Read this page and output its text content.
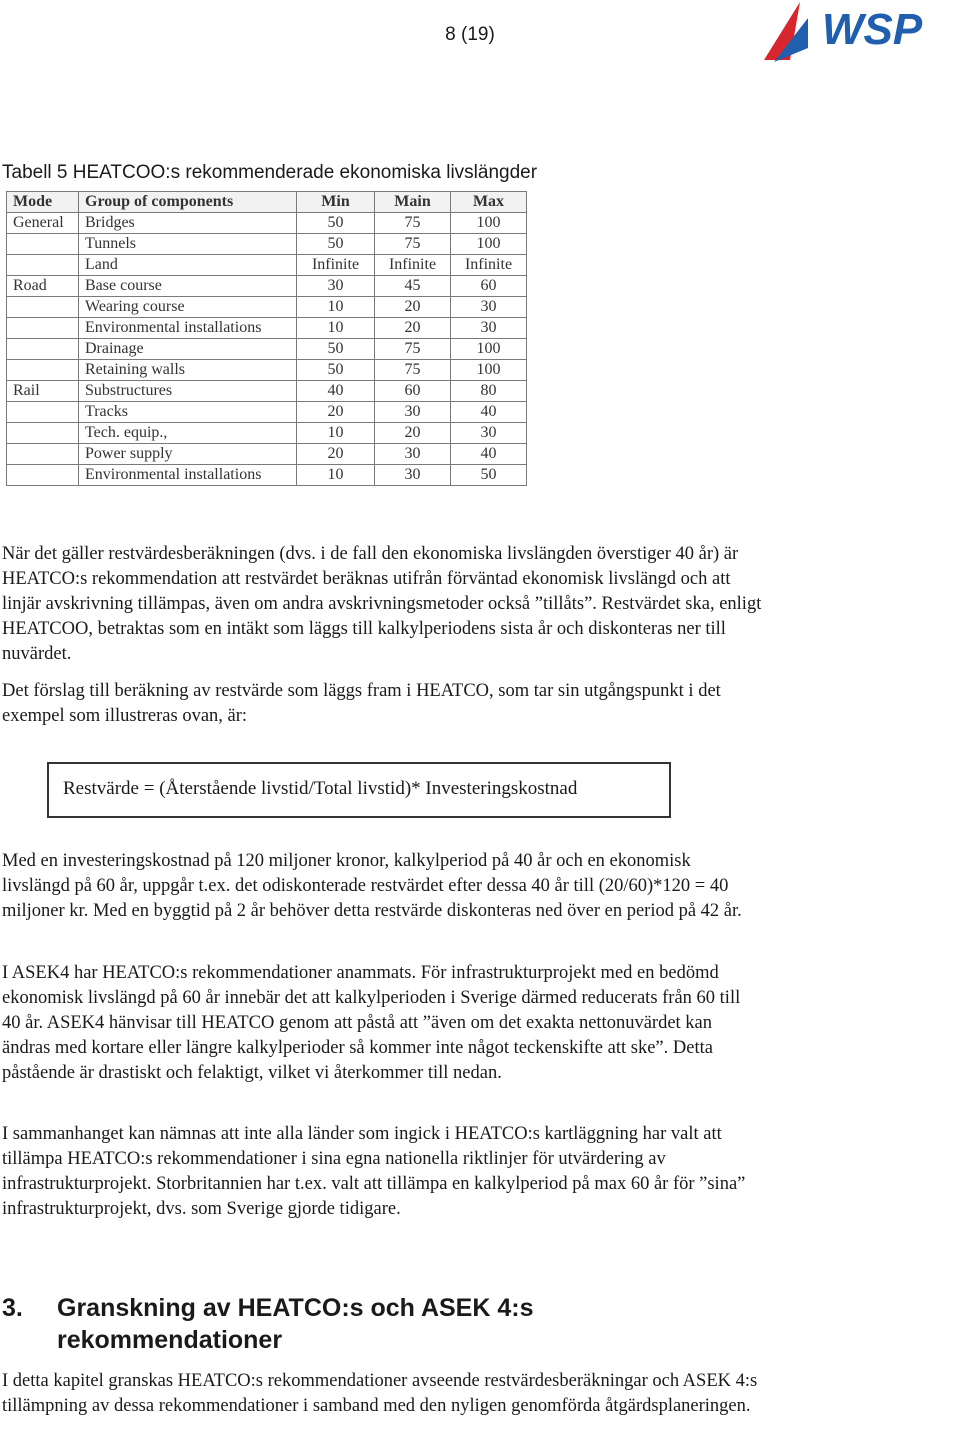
8 (19)	WSP
Tabell 5 HEATCOO:s rekommenderade ekonomiska livslängder
Mode	Group of components	Min	Main	Max
General	Bridges	50	75	100
	Tunnels	50	75	100
	Land	Infinite	Infinite	Infinite
Road	Base course	30	45	60
	Wearing course	10	20	30
	Environmental installations	10	20	30
	Drainage	50	75	100
	Retaining walls	50	75	100
Rail	Substructures	40	60	80
	Tracks	20	30	40
	Tech. equip.,	10	20	30
	Power supply	20	30	40
	Environmental installations	10	30	50

När det gäller restvärdesberäkningen (dvs. i de fall den ekonomiska livslängden överstiger 40 år) är HEATCO:s rekommendation att restvärdet beräknas utifrån förväntad ekonomisk livslängd och att linjär avskrivning tillämpas, även om andra avskrivningsmetoder också ”tillåts”. Restvärdet ska, enligt HEATCOO, betraktas som en intäkt som läggs till kalkylperiodens sista år och diskonteras ner till nuvärdet.

Det förslag till beräkning av restvärde som läggs fram i HEATCO, som tar sin utgångspunkt i det exempel som illustreras ovan, är:

Restvärde = (Återstående livstid/Total livstid)* Investeringskostnad

Med en investeringskostnad på 120 miljoner kronor, kalkylperiod på 40 år och en ekonomisk livslängd på 60 år, uppgår t.ex. det odiskonterade restvärdet efter dessa 40 år till (20/60)*120 = 40 miljoner kr. Med en byggtid på 2 år behöver detta restvärde diskonteras ned över en period på 42 år.

I ASEK4 har HEATCO:s rekommendationer anammats. För infrastrukturprojekt med en bedömd ekonomisk livslängd på 60 år innebär det att kalkylperioden i Sverige därmed reducerats från 60 till 40 år. ASEK4 hänvisar till HEATCO genom att påstå att ”även om det exakta nettonuvärdet kan ändras med kortare eller längre kalkylperioder så kommer inte något teckenskifte att ske”. Detta påstående är drastiskt och felaktigt, vilket vi återkommer till nedan.

I sammanhanget kan nämnas att inte alla länder som ingick i HEATCO:s kartläggning har valt att tillämpa HEATCO:s rekommendationer i sina egna nationella riktlinjer för utvärdering av infrastrukturprojekt. Storbritannien har t.ex. valt att tillämpa en kalkylperiod på max 60 år för ”sina” infrastrukturprojekt, dvs. som Sverige gjorde tidigare.

3. Granskning av HEATCO:s och ASEK 4:s rekommendationer

I detta kapitel granskas HEATCO:s rekommendationer avseende restvärdesberäkningar och ASEK 4:s tillämpning av dessa rekommendationer i samband med den nyligen genomförda åtgärdsplaneringen.
